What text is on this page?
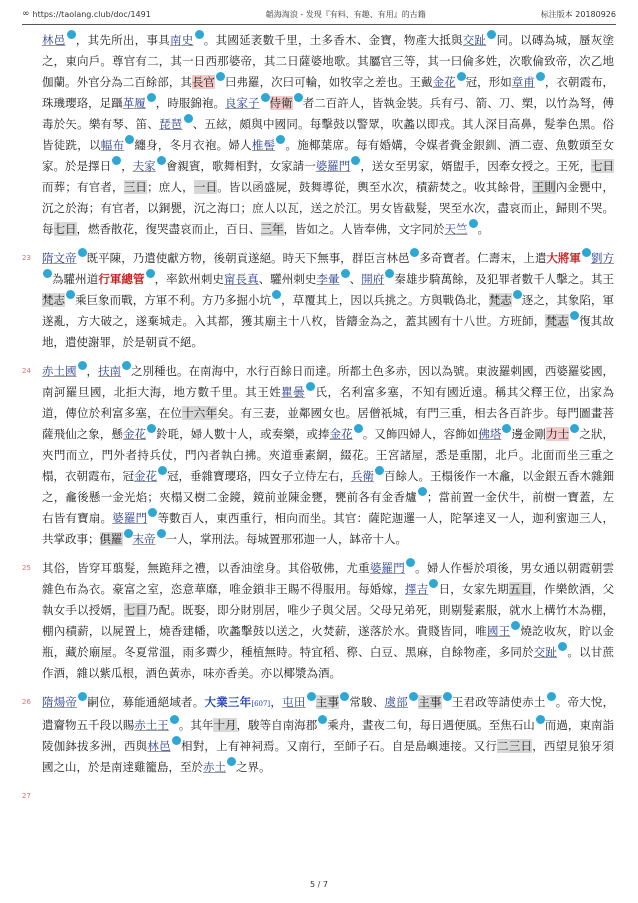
∞ https://taolang.club/doc/1491	韜海淘浪 - 发现『有料、有趣、有用』的古籍	标注版本 20180926
林邑 ，其先所出，事具南史 。其國延袤數千里，土多香木、金寶，物產大抵與交趾 同。以磚為城，蜃灰塗之，東向戶。尊官有二，其一日西那婆帝，其二日薩婆地歌。其屬官三等，其一曰倫多姓，次歌倫致帝，次乙地伽蘭。外官分為二百餘部，其長官 曰弗羅，次曰可輪，如牧宰之差也。王戴金花 冠，形如章甫 ，衣朝霞布，珠璣瓔珞，足躡革履 ，時服錦袍。良家子 侍衛 者二百許人，皆執金裝。兵有弓、箭、刀、槊，以竹為弩，傅毒於矢。樂有琴、笛、琵琶 、五絃，頗與中國同。每擊鼓以警眾，吹蠡以即戎。其人深目高鼻，髮拳色黑。俗皆徒跣，以幅布 纏身，冬月衣袍。婦人椎髻 。施椰葉席。每有婚媾，令媒者賫金銀釧、酒二壺、魚數頭至女家。於是擇日 ，夫家 會親賓，歌舞相對，女家請一婆羅門 ，送女至男家，婿盥手，因牽女授之。王死，七日而葬；有官者，三日；庶人，一日。皆以函盛屍，鼓舞導從，輿至水次，積薪焚之。收其餘骨，王則內金甖中，沉之於海；有官者，以銅甖，沉之海口；庶人以瓦，送之於江。男女皆截髮，哭至水次，盡哀而止，歸則不哭。每七日，燃香散花，復哭盡哀而止，百日、三年，皆如之。人皆奉佛，文字同於天竺 。
23 隋文帝 既平陳，乃遣使獻方物，後朝貢遂絕。時天下無事，群臣言林邑 多奇寶者。仁壽末，上遣大將軍 劉方為驩州道行軍總管 ，率欽州刺史甯長真、驩州刺史李暈 、開府 秦雄步騎萬餘，及犯罪者數千人擊之。其王梵志 乘巨象而戰，方軍不利。方乃多掘小坑 ，草覆其上，因以兵挑之。方與戰偽北，梵志 逐之，其象陷，軍遂亂，方大破之，遂棄城走。入其都，獲其廟主十八枚，皆鑄金為之，蓋其國有十八世。方班師，梵志 復其故地，遣使謝罪，於是朝貢不絕。
24 赤土國 ，扶南 之別種也。在南海中，水行百餘日而達。所都土色多赤，因以為號。東波羅剌國，西婆羅娑國，南訶羅旦國，北拒大海，地方數千里。其王姓瞿曇 氏，名利富多塞，不知有國近遠。稱其父釋王位，出家為道，傳位於利富多塞，在位十六年矣。有三妻，並鄰國女也。居僧祇城，有門三重，相去各百許步。每門圖畫菩薩飛仙之象，懸金花 鈴毦，婦人數十人，或奏樂，或捧金花 。又飾四婦人，容飾如佛塔 邊金剛力士 之狀，夾門而立，門外者持兵仗，門內者執白拂。夾道垂素網，綴花。王宮諸屋，悉是重閣，北戶。北面而坐三重之榻，衣朝霞布，冠金花 冠，垂雜寶瓔珞，四女子立侍左右，兵衛 百餘人。王榻後作一木龕，以金銀五香木雜鈿之，龕後懸一金光焰；夾榻又樹二金鏡，鏡前並陳金甕，甕前各有金香爐 ；當前置一金伏牛，前樹一寶蓋，左右皆有寶扇。婆羅門 等數百人，東西重行，相向而坐。其官：薩陀迦邏一人，陀拏達叉一人，迦利蜜迦三人，共掌政事；俱羅 末帝 一人，掌刑法。每城置那邪迦一人，缽帝十人。
25 其俗，皆穿耳翦髮，無跪拜之禮，以香油塗身。其俗敬佛，尤重婆羅門 。婦人作髻於項後，男女通以朝霞朝雲雜色布為衣。豪富之室，恣意華靡，唯金鎖非王賜不得服用。每婚嫁，擇吉 日，女家先期五日，作樂飲酒，父執女手以授婿，七日乃配。既娶，即分財別居，唯少子與父居。父母兄弟死，則剔髮素服，就水上構竹木為棚，棚內積薪，以屍置上，燒香建幡，吹蠡擊鼓以送之，火焚薪，遂落於水。貴賤皆同，唯國王 燒訖收灰，貯以金瓶，藏於廟屋。冬夏常溫，雨多霽少，種植無時。特宜稻、穄、白豆、黑麻，自餘物產，多同於交趾 。以甘蔗作酒，雜以紫瓜根，酒色黃赤，味亦香美。亦以椰漿為酒。
26 隋煬帝 嗣位，募能通絕域者。大業三年[607]，屯田 主事 常駿、虞部 主事 王君政等請使赤土 。帝大悅，遣齎物五千段以賜赤土王 。其年十月，駿等自南海郡 乘舟，晝夜二旬，每日遇便風。至焦石山 而過，東南詣陵伽鉢拔多洲，西與林邑 相對，上有神祠焉。又南行，至師子石。自是島嶼連接。又行二三日，西望見狼牙須國之山，於是南達雞籠島，至於赤土 之界。
27
5 / 7
